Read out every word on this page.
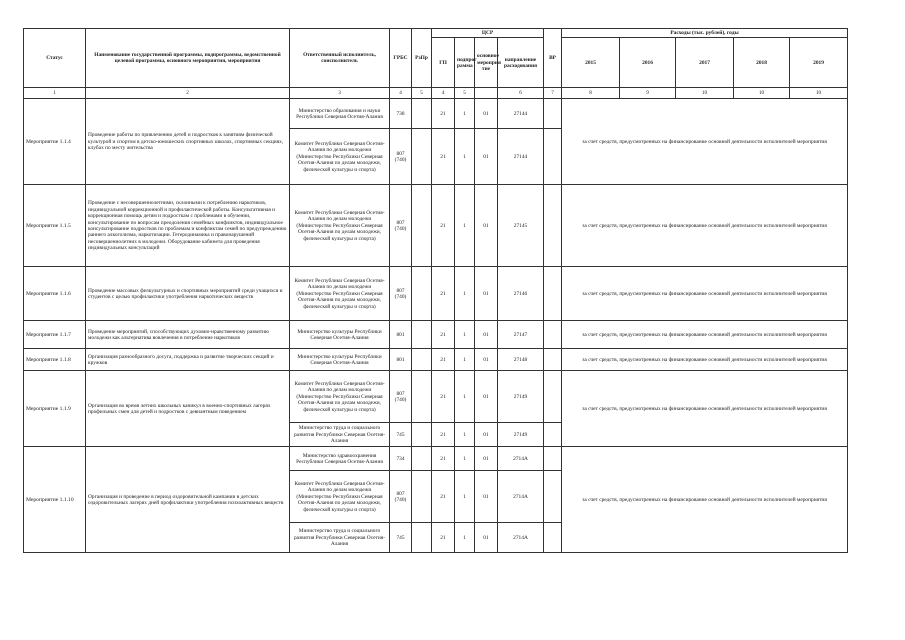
Статус	Наименование государственной программы, подпрограммы, ведомственной целевой программы, основного мероприятия, мероприятия	Ответственный исполнитель, соисполнитель	ГРБС	РзПр	ЦСР				ВР	Расходы (тыс. рублей), годы				
					ГП	подпрог рамма	основное мероприя тие	направление расходования		2015	2016	2017	2018	2019
1	2	3	4	5	4	5		6	7	8	9	10	10	10
Мероприятие 1.1.4	Проведение работы по привлечению детей и подростков к занятиям физической культурой и спортом в детско-юношеских спортивных школах, спортивных секциях, клубах по месту жительства	Министерство образования и науки Республики Северная Осетия-Алания	738		21	1	01	27144		за счет средств, предусмотренных на финансирование основной деятельности исполнителей мероприятия				
		Комитет Республики Северная Осетия-Алания по делам молодежи (Министерство Республики Северная Осетия-Алания по делам молодежи, физической культуры и спорта)	807 (740)		21	1	01	27144						
Мероприятие 1.1.5	Проведение с несовершеннолетними, склонными к потреблению наркотиков, индивидуальной коррекционной и профилактической работы. Консультативная и коррекционная помощь детям и подросткам с проблемами в обучении, консультирование по вопросам преодоления семейных конфликтов, индивидуальное консультирование подростков по проблемам и конфликтам семей по предупреждению раннего алкоголизма, наркотизации. Гетеродинамика и правонарушений несовершеннолетних в молодежи. Оборудование кабинета для проведения индивидуальных консультаций	Комитет Республики Северная Осетия-Алания по делам молодежи (Министерство Республики Северная Осетия-Алания по делам молодежи, физической культуры и спорта)	807 (740)		21	1	01	27145		за счет средств, предусмотренных на финансирование основной деятельности исполнителей мероприятия				
Мероприятие 1.1.6	Проведение массовых физкультурных и спортивных мероприятий среди учащихся и студентов с целью профилактики употребления наркотических веществ	Комитет Республики Северная Осетия-Алания по делам молодежи (Министерство Республики Северная Осетия-Алания по делам молодежи, физической культуры и спорта)	807 (740)		21	1	01	27146		за счет средств, предусмотренных на финансирование основной деятельности исполнителей мероприятия				
Мероприятие 1.1.7	Проведение мероприятий, способствующих духовно-нравственному развитию молодежи как альтернатива вовлечения в потребление наркотиков	Министерство культуры Республики Северная Осетия-Алания	801		21	1	01	27147		за счет средств, предусмотренных на финансирование основной деятельности исполнителей мероприятия				
Мероприятие 1.1.8	Организация разнообразного досуга, поддержка и развитие творческих секций и кружков	Министерство культуры Республики Северная Осетия-Алания	801		21	1	01	27148		за счет средств, предусмотренных на финансирование основной деятельности исполнителей мероприятия				
Мероприятие 1.1.9	Организация во время летних школьных каникул в военно-спортивных лагерях профильных смен для детей и подростков с девиантным поведением	Комитет Республики Северная Осетия-Алания по делам молодежи (Министерство Республики Северная Осетия-Алания по делам молодежи, физической культуры и спорта)	807 (740)		21	1	01	27149		за счет средств, предусмотренных на финансирование основной деятельности исполнителей мероприятия				
		Министерство труда и социального развития Республики Северная Осетия-Алания	745		21	1	01	27149						
Мероприятие 1.1.10	Организация и проведение в период оздоровительной кампании в детских оздоровительных лагерях дней профилактики употребления психоактивных веществ	Министерство здравоохранения Республики Северная Осетия-Алания	734		21	1	01	2714А		за счет средств, предусмотренных на финансирование основной деятельности исполнителей мероприятия				
		Комитет Республики Северная Осетия-Алания по делам молодежи (Министерство Республики Северная Осетия-Алания по делам молодежи, физической культуры и спорта)	807 (740)		21	1	01	2714А						
		Министерство труда и социального развития Республики Северная Осетия-Алания	745		21	1	01	2714А						
